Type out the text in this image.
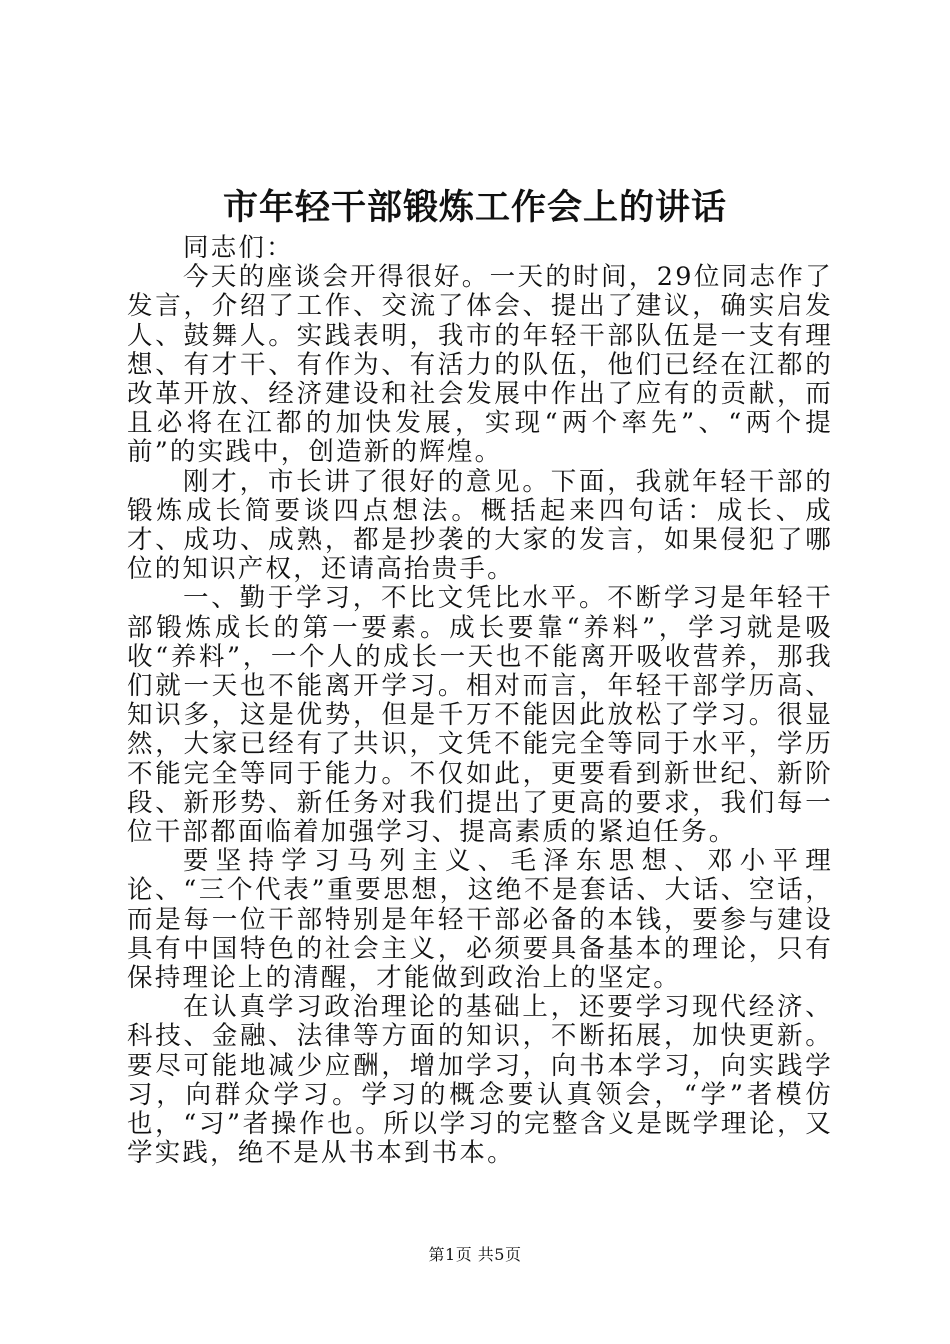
市年轻干部锻炼工作会上的讲话

同志们：

今天的座谈会开得很好。一天的时间，29位同志作了发言，介绍了工作、交流了体会、提出了建议，确实启发人、鼓舞人。实践表明，我市的年轻干部队伍是一支有理想、有才干、有作为、有活力的队伍，他们已经在江都的改革开放、经济建设和社会发展中作出了应有的贡献，而且必将在江都的加快发展，实现“两个率先”、“两个提前”的实践中，创造新的辉煌。

刚才，市长讲了很好的意见。下面，我就年轻干部的锻炼成长简要谈四点想法。概括起来四句话：成长、成才、成功、成熟，都是抄袭的大家的发言，如果侵犯了哪位的知识产权，还请高抬贵手。

一、勤于学习，不比文凭比水平。不断学习是年轻干部锻炼成长的第一要素。成长要靠“养料”，学习就是吸收“养料”，一个人的成长一天也不能离开吸收营养，那我们就一天也不能离开学习。相对而言，年轻干部学历高、知识多，这是优势，但是千万不能因此放松了学习。很显然，大家已经有了共识，文凭不能完全等同于水平，学历不能完全等同于能力。不仅如此，更要看到新世纪、新阶段、新形势、新任务对我们提出了更高的要求，我们每一位干部都面临着加强学习、提高素质的紧迫任务。

要坚持学习马列主义、毛泽东思想、邓小平理论、“三个代表”重要思想，这绝不是套话、大话、空话，而是每一位干部特别是年轻干部必备的本钱，要参与建设具有中国特色的社会主义，必须要具备基本的理论，只有保持理论上的清醒，才能做到政治上的坚定。

在认真学习政治理论的基础上，还要学习现代经济、科技、金融、法律等方面的知识，不断拓展，加快更新。要尽可能地减少应酬，增加学习，向书本学习，向实践学习，向群众学习。学习的概念要认真领会，“学”者模仿也，“习”者操作也。所以学习的完整含义是既学理论，又学实践，绝不是从书本到书本。

第1页 共5页
